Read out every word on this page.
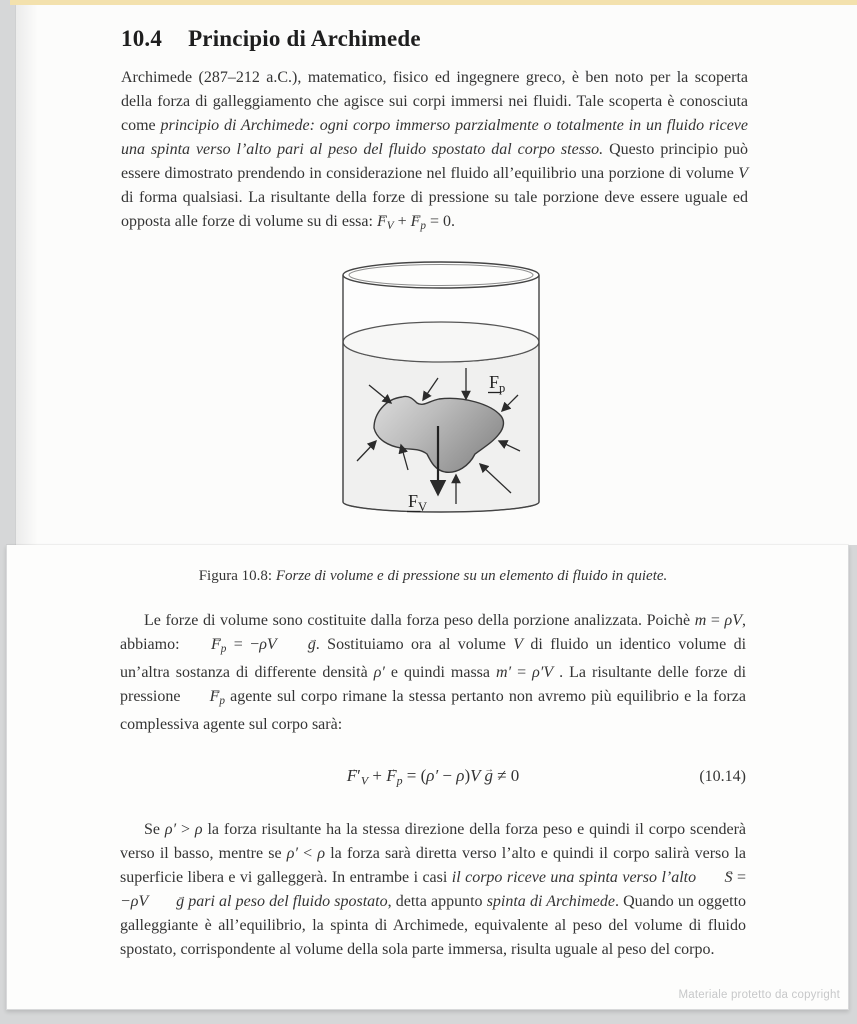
10.4 Principio di Archimede

Archimede (287–212 a.C.), matematico, fisico ed ingegnere greco, è ben noto per la scoperta della forza di galleggiamento che agisce sui corpi immersi nei fluidi. Tale scoperta è conosciuta come principio di Archimede: ogni corpo immerso parzialmente o totalmente in un fluido riceve una spinta verso l’alto pari al peso del fluido spostato dal corpo stesso. Questo principio può essere dimostrato prendendo in considerazione nel fluido all’equilibrio una porzione di volume V di forma qualsiasi. La risultante della forze di pressione su tale porzione deve essere uguale ed opposta alle forze di volume su di essa: F →V + F →p = 0.

$F_p$
$F_V$

Figura 10.8: Forze di volume e di pressione su un elemento di fluido in quiete.

Le forze di volume sono costituite dalla forza peso della porzione analizzata. Poichè m = ρV, abbiamo: F →p = −ρV g →. Sostituiamo ora al volume V di fluido un identico volume di un’altra sostanza di differente densità ρ′ e quindi massa m′ = ρ′V . La risultante delle forze di pressione F →p agente sul corpo rimane la stessa pertanto non avremo più equilibrio e la forza complessiva agente sul corpo sarà:

F →′V + F →p = (ρ′ − ρ)V g → ≠ 0	(10.14)

Se ρ′ > ρ la forza risultante ha la stessa direzione della forza peso e quindi il corpo scenderà verso il basso, mentre se ρ′ < ρ la forza sarà diretta verso l’alto e quindi il corpo salirà verso la superficie libera e vi galleggerà. In entrambe i casi il corpo riceve una spinta verso l’alto S → = −ρV g → pari al peso del fluido spostato, detta appunto spinta di Archimede. Quando un oggetto galleggiante è all’equilibrio, la spinta di Archimede, equivalente al peso del volume di fluido spostato, corrispondente al volume della sola parte immersa, risulta uguale al peso del corpo.

Materiale protetto da copyright
